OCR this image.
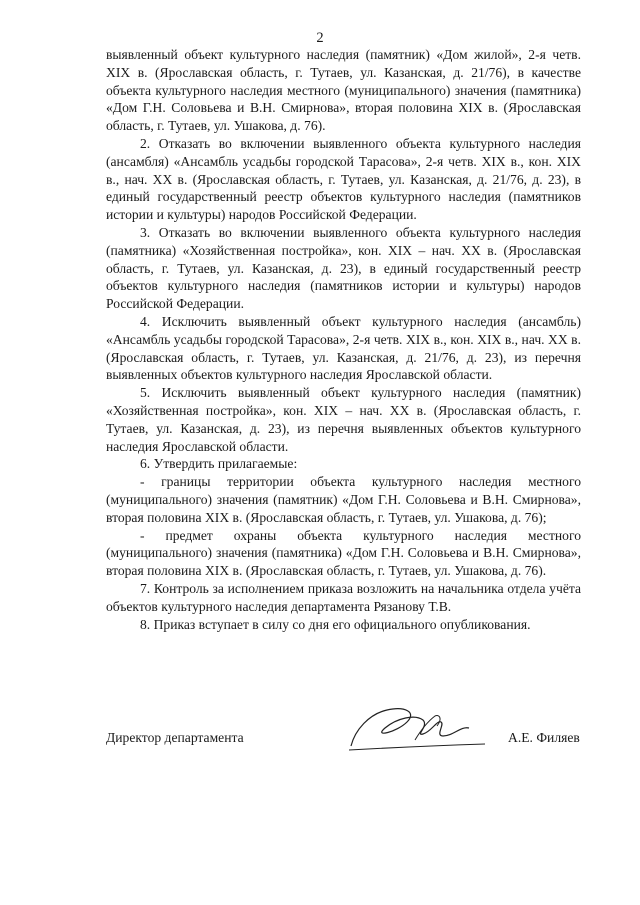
2

выявленный объект культурного наследия (памятник) «Дом жилой», 2-я четв. XIX в. (Ярославская область, г. Тутаев, ул. Казанская, д. 21/76), в качестве объекта культурного наследия местного (муниципального) значения (памятника) «Дом Г.Н. Соловьева и В.Н. Смирнова», вторая половина XIX в. (Ярославская область, г. Тутаев, ул. Ушакова, д. 76).

2. Отказать во включении выявленного объекта культурного наследия (ансамбля) «Ансамбль усадьбы городской Тарасова», 2-я четв. XIX в., кон. XIX в., нач. XX в. (Ярославская область, г. Тутаев, ул. Казанская, д. 21/76, д. 23), в единый государственный реестр объектов культурного наследия (памятников истории и культуры) народов Российской Федерации.

3. Отказать во включении выявленного объекта культурного наследия (памятника) «Хозяйственная постройка», кон. XIX – нач. XX в. (Ярославская область, г. Тутаев, ул. Казанская, д. 23), в единый государственный реестр объектов культурного наследия (памятников истории и культуры) народов Российской Федерации.

4. Исключить выявленный объект культурного наследия (ансамбль) «Ансамбль усадьбы городской Тарасова», 2-я четв. XIX в., кон. XIX в., нач. XX в. (Ярославская область, г. Тутаев, ул. Казанская, д. 21/76, д. 23), из перечня выявленных объектов культурного наследия Ярославской области.

5. Исключить выявленный объект культурного наследия (памятник) «Хозяйственная постройка», кон. XIX – нач. XX в. (Ярославская область, г. Тутаев, ул. Казанская, д. 23), из перечня выявленных объектов культурного наследия Ярославской области.

6. Утвердить прилагаемые:

- границы территории объекта культурного наследия местного (муниципального) значения (памятник) «Дом Г.Н. Соловьева и В.Н. Смирнова», вторая половина XIX в. (Ярославская область, г. Тутаев, ул. Ушакова, д. 76);

- предмет охраны объекта культурного наследия местного (муниципального) значения (памятника) «Дом Г.Н. Соловьева и В.Н. Смирнова», вторая половина XIX в. (Ярославская область, г. Тутаев, ул. Ушакова, д. 76).

7. Контроль за исполнением приказа возложить на начальника отдела учёта объектов культурного наследия департамента Рязанову Т.В.

8. Приказ вступает в силу со дня его официального опубликования.

Директор департамента	А.Е. Филяев
